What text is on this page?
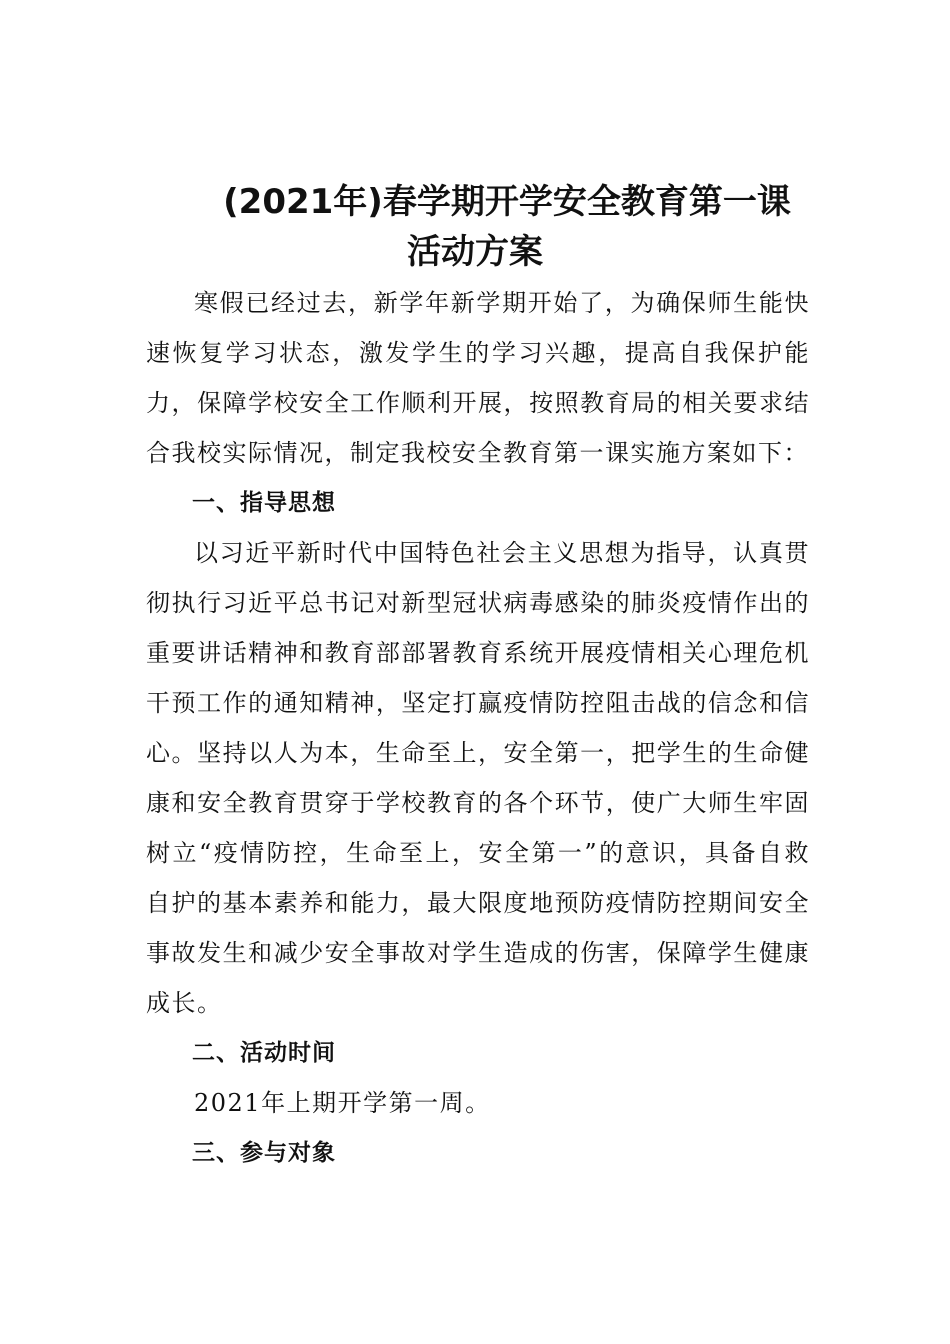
(2021年)春学期开学安全教育第一课
活动方案

寒假已经过去，新学年新学期开始了，为确保师生能快速恢复学习状态，激发学生的学习兴趣，提高自我保护能力，保障学校安全工作顺利开展，按照教育局的相关要求结合我校实际情况，制定我校安全教育第一课实施方案如下：

一、指导思想

以习近平新时代中国特色社会主义思想为指导，认真贯彻执行习近平总书记对新型冠状病毒感染的肺炎疫情作出的重要讲话精神和教育部部署教育系统开展疫情相关心理危机干预工作的通知精神，坚定打赢疫情防控阻击战的信念和信心。坚持以人为本，生命至上，安全第一，把学生的生命健康和安全教育贯穿于学校教育的各个环节，使广大师生牢固树立“疫情防控，生命至上，安全第一”的意识，具备自救自护的基本素养和能力，最大限度地预防疫情防控期间安全事故发生和减少安全事故对学生造成的伤害，保障学生健康成长。

二、活动时间

2021年上期开学第一周。

三、参与对象
